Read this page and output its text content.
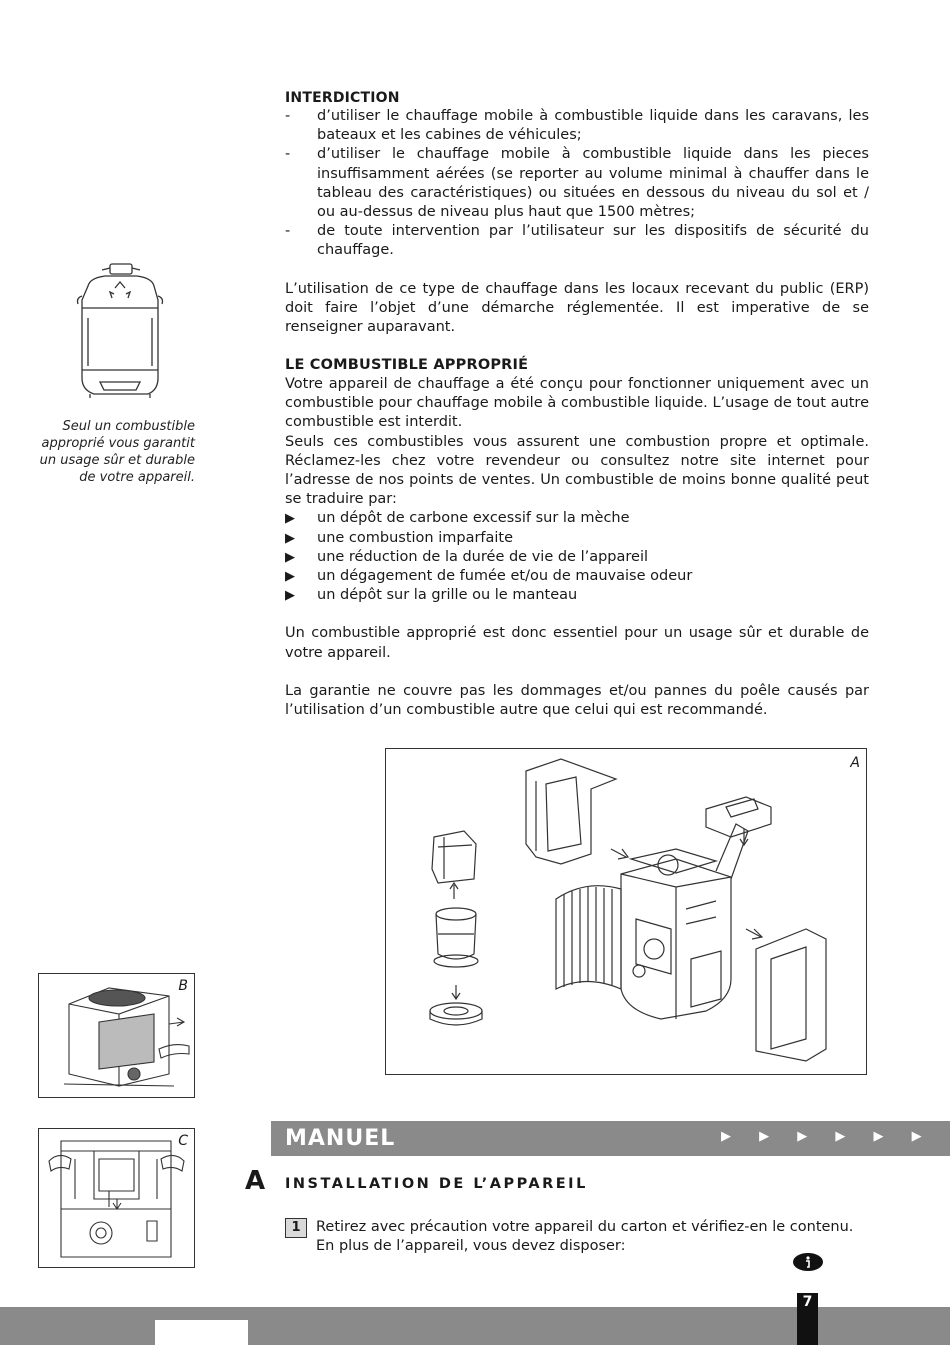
INTERDICTION
- d’utiliser le chauffage mobile à combustible liquide dans les caravans, les bateaux et les cabines de véhicules;
- d’utiliser le chauffage mobile à combustible liquide dans les pieces insuffisamment aérées (se reporter au volume minimal à chauffer dans le tableau des caractéristiques) ou situées en dessous du niveau du sol et / ou au-dessus de niveau plus haut que 1500 mètres;
- de toute intervention par l’utilisateur sur les dispositifs de sécurité du chauffage.
L’utilisation de ce type de chauffage dans les locaux recevant du public (ERP) doit faire l’objet d’une démarche réglementée. Il est imperative de se renseigner auparavant.
LE COMBUSTIBLE APPROPRIÉ
Votre appareil de chauffage a été conçu pour fonctionner uniquement avec un combustible pour chauffage mobile à combustible liquide. L’usage de tout autre combustible est interdit.
Seuls ces combustibles vous assurent une combustion propre et optimale. Réclamez-les chez votre revendeur ou consultez notre site internet pour l’adresse de nos points de ventes. Un combustible de moins bonne qualité peut se traduire par:
▶ un dépôt de carbone excessif sur la mèche
▶ une combustion imparfaite
▶ une réduction de la durée de vie de l’appareil
▶ un dégagement de fumée et/ou de mauvaise odeur
▶ un dépôt sur la grille ou le manteau
Un combustible approprié est donc essentiel pour un usage sûr et durable de votre appareil.
La garantie ne couvre pas les dommages et/ou pannes du poêle causés par l’utilisation d’un combustible autre que celui qui est recommandé.
Seul un combustible approprié vous garantit un usage sûr et durable de votre appareil.
A
B
C	MANUEL	▶ ▶ ▶ ▶ ▶ ▶
A INSTALLATION DE L’APPAREIL
1	Retirez avec précaution votre appareil du carton et vérifiez-en le contenu. En plus de l’appareil, vous devez disposer:
7
